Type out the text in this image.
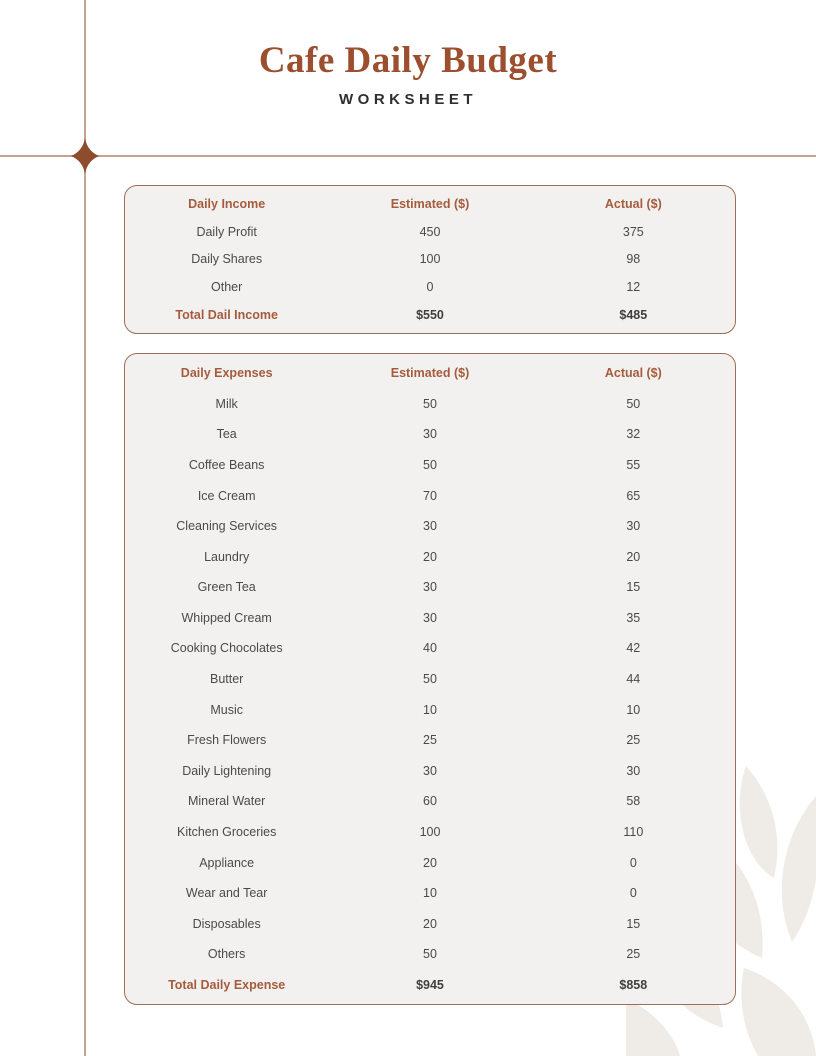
Cafe Daily Budget
WORKSHEET
Daily Income	Estimated ($)	Actual ($)
Daily Profit	450	375
Daily Shares	100	98
Other	0	12
Total Dail Income	$550	$485
Daily Expenses	Estimated ($)	Actual ($)
Milk	50	50
Tea	30	32
Coffee Beans	50	55
Ice Cream	70	65
Cleaning Services	30	30
Laundry	20	20
Green Tea	30	15
Whipped Cream	30	35
Cooking Chocolates	40	42
Butter	50	44
Music	10	10
Fresh Flowers	25	25
Daily Lightening	30	30
Mineral Water	60	58
Kitchen Groceries	100	110
Appliance	20	0
Wear and Tear	10	0
Disposables	20	15
Others	50	25
Total Daily Expense	$945	$858
